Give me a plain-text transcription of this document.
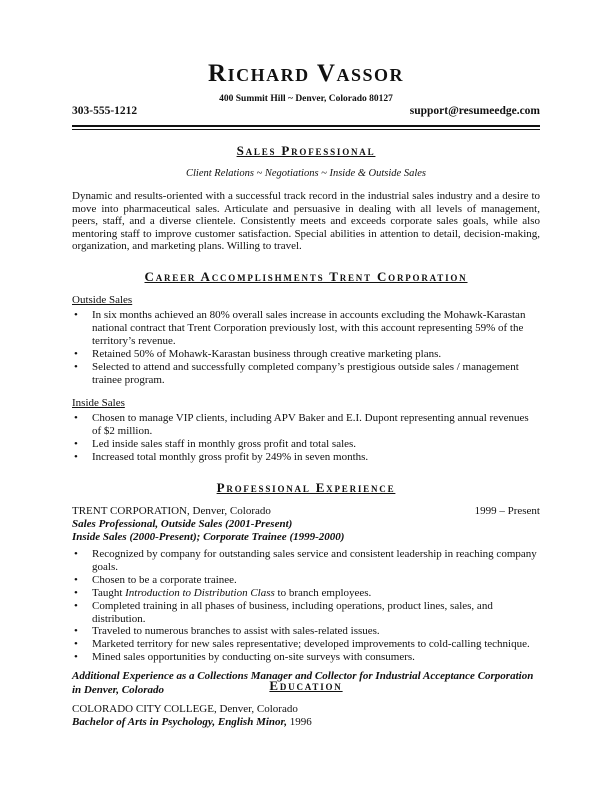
Richard Vassor
400 Summit Hill ~ Denver, Colorado 80127
303-555-1212	support@resumeedge.com
Sales Professional
Client Relations ~ Negotiations ~ Inside & Outside Sales
Dynamic and results-oriented with a successful track record in the industrial sales industry and a desire to move into pharmaceutical sales. Articulate and persuasive in dealing with all levels of management, peers, staff, and a diverse clientele. Consistently meets and exceeds corporate sales goals, while also mentoring staff to improve customer satisfaction. Special abilities in attention to detail, decision-making, organization, and marketing plans. Willing to travel.
Career Accomplishments Trent Corporation
Outside Sales
• In six months achieved an 80% overall sales increase in accounts excluding the Mohawk-Karastan national contract that Trent Corporation previously lost, with this account representing 59% of the territory’s revenue.
• Retained 50% of Mohawk-Karastan business through creative marketing plans.
• Selected to attend and successfully completed company’s prestigious outside sales / management trainee program.
Inside Sales
• Chosen to manage VIP clients, including APV Baker and E.I. Dupont representing annual revenues of $2 million.
• Led inside sales staff in monthly gross profit and total sales.
• Increased total monthly gross profit by 249% in seven months.
Professional Experience
TRENT CORPORATION, Denver, Colorado	1999 – Present
Sales Professional, Outside Sales (2001-Present)
Inside Sales (2000-Present); Corporate Trainee (1999-2000)
• Recognized by company for outstanding sales service and consistent leadership in reaching company goals.
• Chosen to be a corporate trainee.
• Taught Introduction to Distribution Class to branch employees.
• Completed training in all phases of business, including operations, product lines, sales, and distribution.
• Traveled to numerous branches to assist with sales-related issues.
• Marketed territory for new sales representative; developed improvements to cold-calling technique.
• Mined sales opportunities by conducting on-site surveys with consumers.
Additional Experience as a Collections Manager and Collector for Industrial Acceptance Corporation in Denver, Colorado	Education
COLORADO CITY COLLEGE, Denver, Colorado
Bachelor of Arts in Psychology, English Minor, 1996
